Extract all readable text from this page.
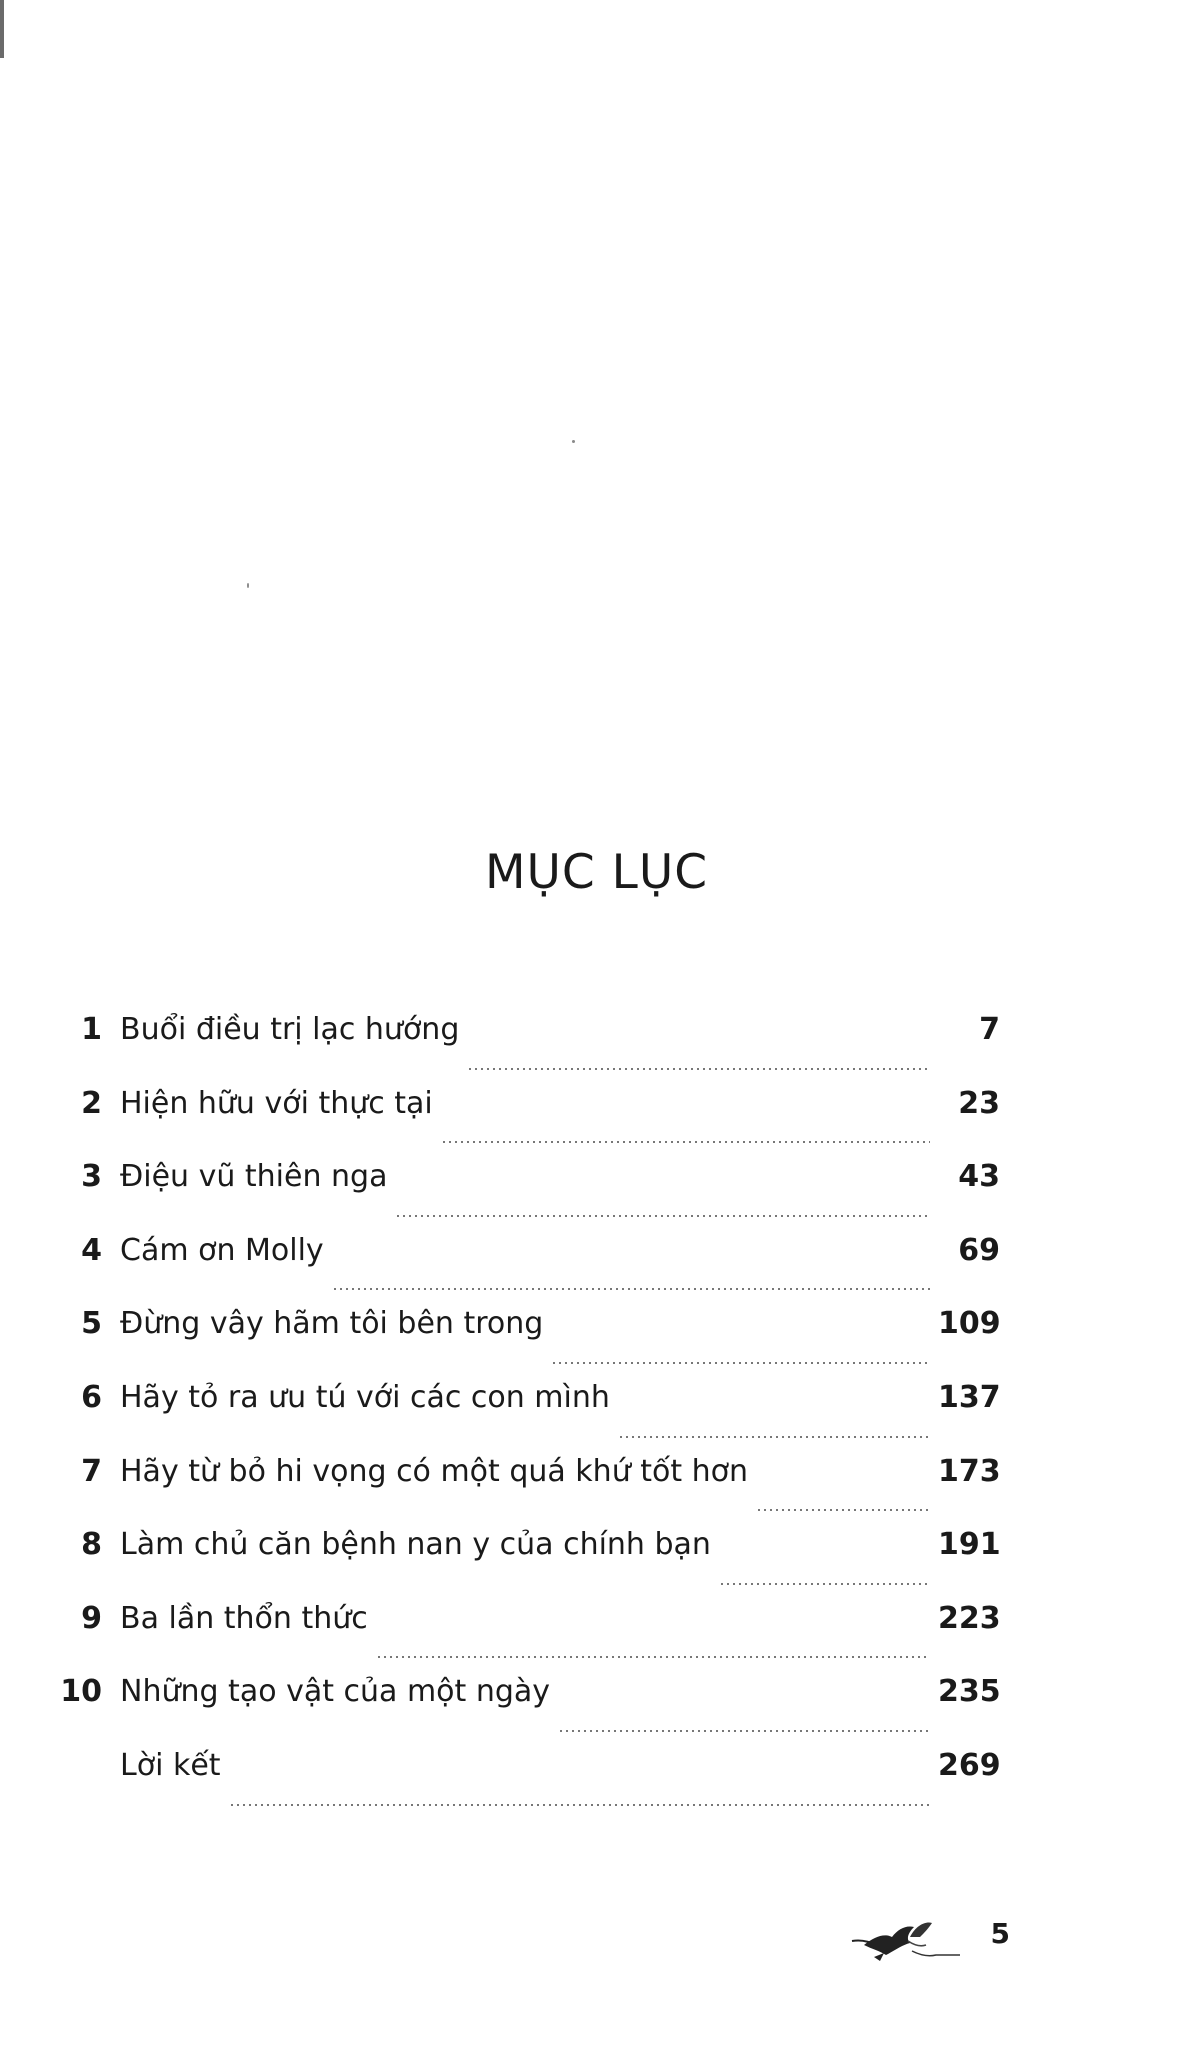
MỤC LỤC
1 Buổi điều trị lạc hướng	7
2 Hiện hữu với thực tại	23
3 Điệu vũ thiên nga	43
4 Cám ơn Molly	69
5 Đừng vây hãm tôi bên trong	109
6 Hãy tỏ ra ưu tú với các con mình	137
7 Hãy từ bỏ hi vọng có một quá khứ tốt hơn	173
8 Làm chủ căn bệnh nan y của chính bạn	191
9 Ba lần thổn thức	223
10 Những tạo vật của một ngày	235
Lời kết	269
5
